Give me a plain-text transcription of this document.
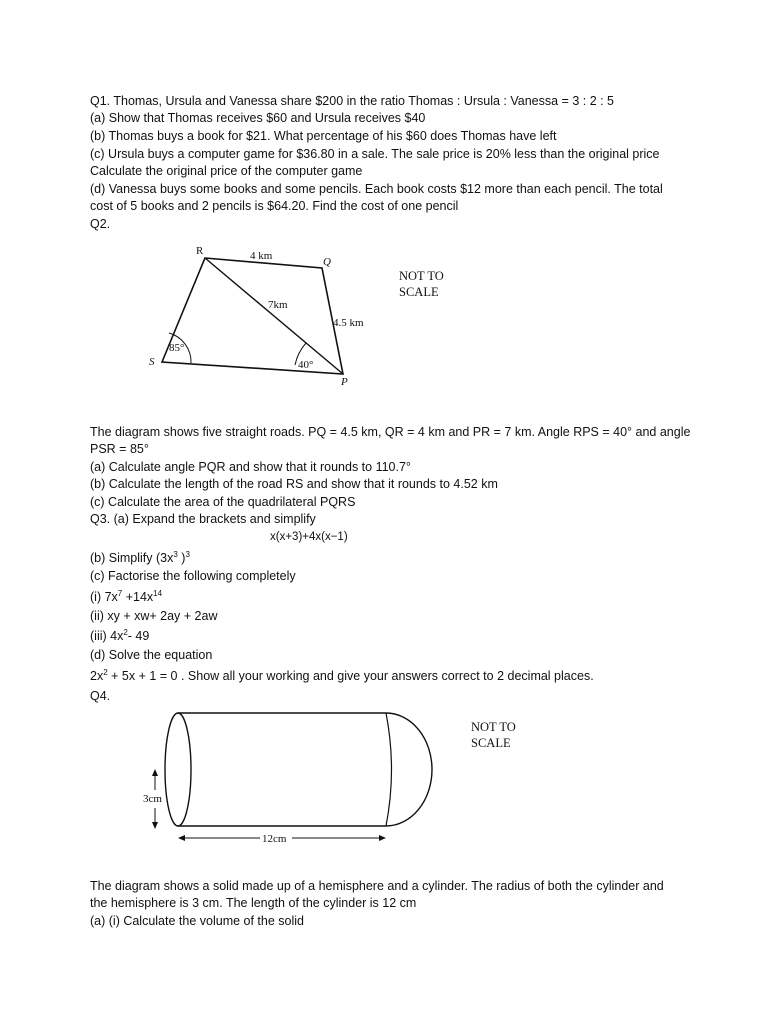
Q1. Thomas, Ursula and Vanessa share $200 in the ratio Thomas : Ursula : Vanessa = 3 : 2 : 5
(a) Show that Thomas receives $60 and Ursula receives $40
(b) Thomas buys a book for $21. What percentage of his $60 does Thomas have left
(c) Ursula buys a computer game for $36.80 in a sale. The sale price is 20% less than the original price
Calculate the original price of the computer game
(d) Vanessa buys some books and some pencils. Each book costs $12 more than each pencil. The total
cost of 5 books and 2 pencils is $64.20. Find the cost of one pencil
Q2.
R
Q
S
P
4 km
7km
4.5 km
85°
40°
NOT TO
SCALE
The diagram shows five straight roads. PQ = 4.5 km, QR = 4 km and PR = 7 km. Angle RPS = 40° and angle
PSR = 85°
(a) Calculate angle PQR and show that it rounds to 110.7°
(b) Calculate the length of the road RS and show that it rounds to 4.52 km
(c) Calculate the area of the quadrilateral PQRS
Q3. (a) Expand the brackets and simplify
x(x+3)+4x(x−1)
(b) Simplify ($3x^3$ )$^3$
(c) Factorise the following completely
(i) $7x^7 +14x^{14}$
(ii) xy + xw+ 2ay + 2aw
(iii) $4x^2-$ 49
(d) Solve the equation
$2x^2 + 5x + 1 = 0$ . Show all your working and give your answers correct to 2 decimal places.
Q4.
3cm
12cm
NOT TO
SCALE
The diagram shows a solid made up of a hemisphere and a cylinder. The radius of both the cylinder and
the hemisphere is 3 cm. The length of the cylinder is 12 cm
(a) (i) Calculate the volume of the solid
